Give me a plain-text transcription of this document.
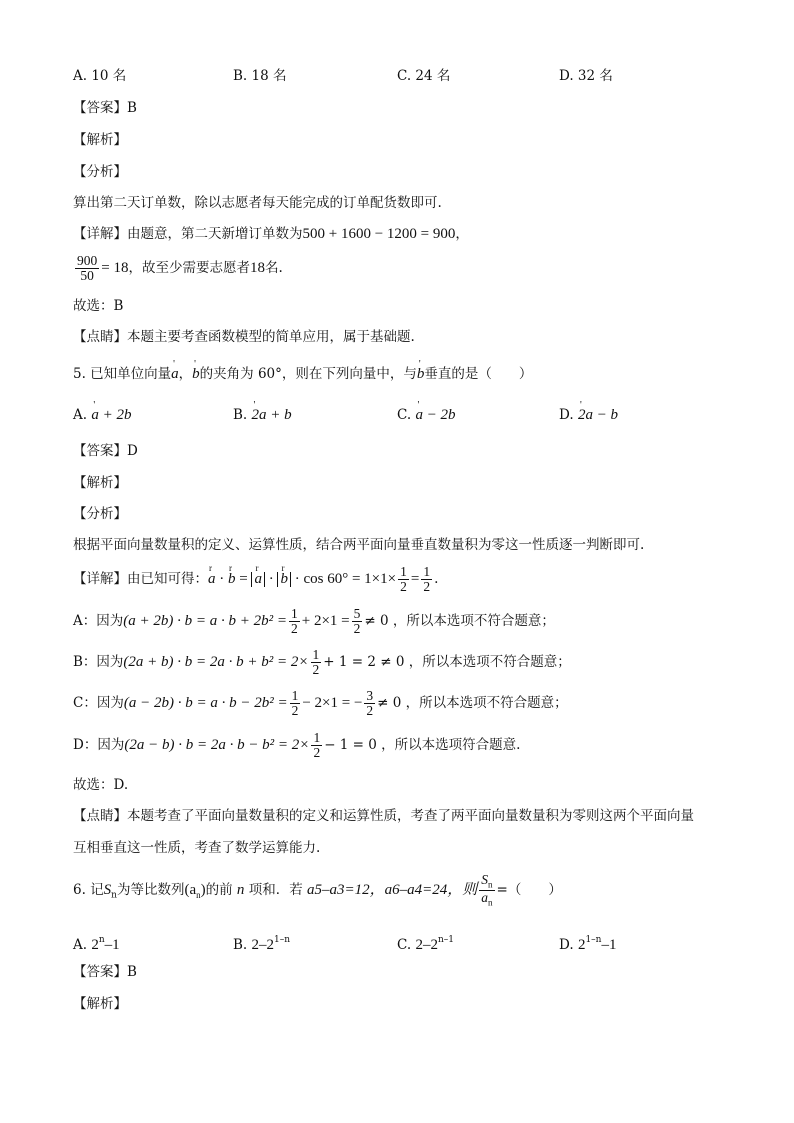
A. 10 名	B. 18 名	C. 24 名	D. 32 名
【答案】B
【解析】
【分析】
算出第二天订单数，除以志愿者每天能完成的订单配货数即可.
【详解】由题意，第二天新增订单数为500 + 1600 − 1200 = 900，
$\frac{900}{50} = 18$，故至少需要志愿者18名.
故选：B
【点睛】本题主要考查函数模型的简单应用，属于基础题.
5. 已知单位向量' a，' b的夹角为 60°，则在下列向量中，与' b垂直的是（　　）
A. ' a + 2b	B. ' 2a + b	C. ' a − 2b	D. ' 2a − b
【答案】D
【解析】
【分析】
根据平面向量数量积的定义、运算性质，结合两平面向量垂直数量积为零这一性质逐一判断即可.
【详解】由已知可得：r a · r b = r a · r $b \cdot \cos 60^\circ = 1\times 1\times \frac{1}{2} = \frac{1}{2}$ .
A：因为$(a + 2b) \cdot b = a \cdot b + 2b^2 = \frac{1}{2} + 2\times 1 = \frac{5}{2} \ne 0$ ，所以本选项不符合题意；
B：因为$(2a + b) \cdot b = 2a \cdot b + b^2 = 2\times \frac{1}{2} + 1 = 2 \ne 0$ ，所以本选项不符合题意；
C：因为$(a - 2b) \cdot b = a \cdot b - 2b^2 = \frac{1}{2} - 2\times 1$ = − $\frac{3}{2} \ne 0$ ，所以本选项不符合题意；
D：因为$(2a - b) \cdot b = 2a \cdot b - b^2 = 2\times \frac{1}{2} - 1 = 0$ ，所以本选项符合题意.
故选：D.
【点睛】本题考查了平面向量数量积的定义和运算性质，考查了两平面向量数量积为零则这两个平面向量
互相垂直这一性质，考查了数学运算能力.
6. 记$S_n$为等比数列$(a_n)$的前 n 项和．若 a5–a3=12，a6–a4=24，则 $\frac{S_n}{a_n}$ =（　　）
A. 2$^n$–1	B. 2–2$^{1-n}$	C. 2–2$^{n-1}$	D. 2$^{1-n}$–1
【答案】B
【解析】
